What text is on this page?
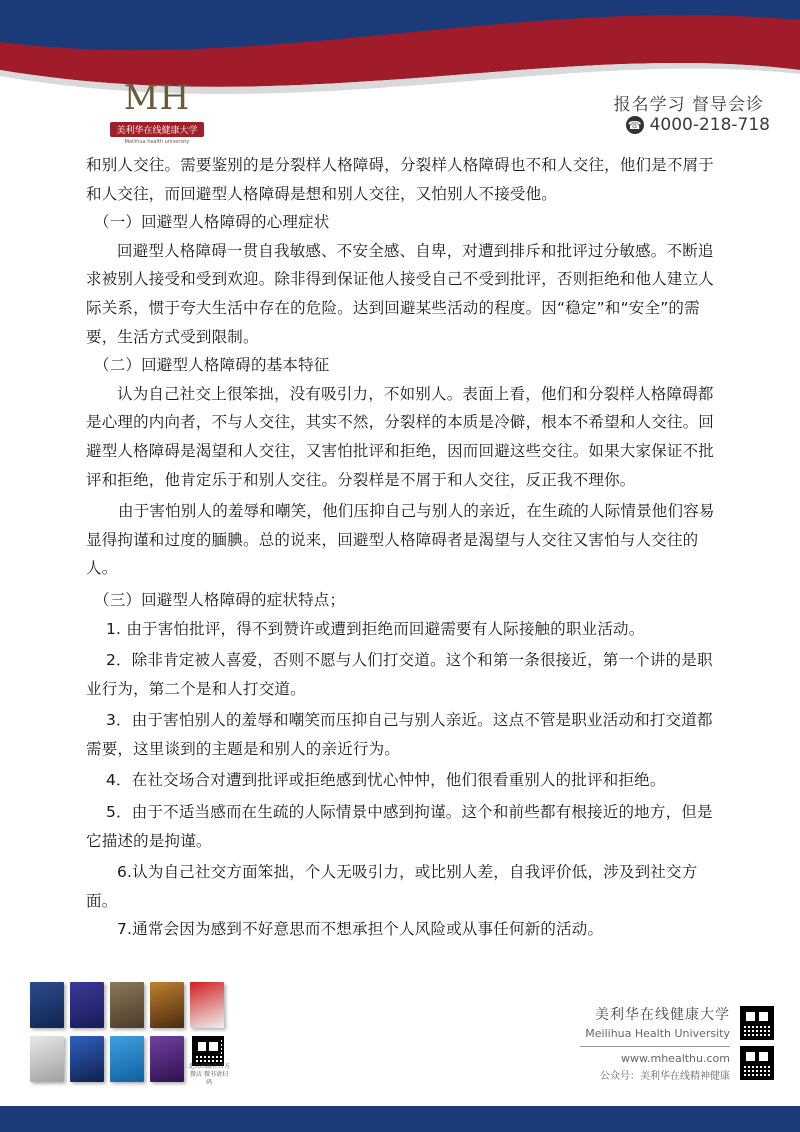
MH
美利华在线健康大学
Meilihua health university
报名学习 督导会诊
☎ 4000-218-718

和别人交往。需要鉴别的是分裂样人格障碍，分裂样人格障碍也不和人交往，他们是不屑于和人交往，而回避型人格障碍是想和别人交往，又怕别人不接受他。

（一）回避型人格障碍的心理症状

回避型人格障碍一贯自我敏感、不安全感、自卑，对遭到排斥和批评过分敏感。不断追求被别人接受和受到欢迎。除非得到保证他人接受自己不受到批评，否则拒绝和他人建立人际关系，惯于夸大生活中存在的危险。达到回避某些活动的程度。因“稳定”和“安全”的需要，生活方式受到限制。

（二）回避型人格障碍的基本特征

认为自己社交上很笨拙，没有吸引力，不如别人。表面上看，他们和分裂样人格障碍都是心理的内向者，不与人交往，其实不然，分裂样的本质是冷僻，根本不希望和人交往。回避型人格障碍是渴望和人交往，又害怕批评和拒绝，因而回避这些交往。如果大家保证不批评和拒绝，他肯定乐于和别人交往。分裂样是不屑于和人交往，反正我不理你。

由于害怕别人的羞辱和嘲笑，他们压抑自己与别人的亲近，在生疏的人际情景他们容易显得拘谨和过度的腼腆。总的说来，回避型人格障碍者是渴望与人交往又害怕与人交往的人。

（三）回避型人格障碍的症状特点；

1. 由于害怕批评，得不到赞许或遭到拒绝而回避需要有人际接触的职业活动。

2．除非肯定被人喜爱，否则不愿与人们打交道。这个和第一条很接近，第一个讲的是职业行为，第二个是和人打交道。

3．由于害怕别人的羞辱和嘲笑而压抑自己与别人亲近。这点不管是职业活动和打交道都需要，这里谈到的主题是和别人的亲近行为。

4．在社交场合对遭到批评或拒绝感到忧心忡忡，他们很看重别人的批评和拒绝。

5．由于不适当感而在生疏的人际情景中感到拘谨。这个和前些都有根接近的地方，但是它描述的是拘谨。

6.认为自己社交方面笨拙，个人无吸引力，或比别人差，自我评价低，涉及到社交方面。

7.通常会因为感到不好意思而不想承担个人风险或从事任何新的活动。

北大出版社官方微店 微书请扫码
美利华在线健康大学
Meilihua Health University
www.mhealthu.com
公众号：美利华在线精神健康
